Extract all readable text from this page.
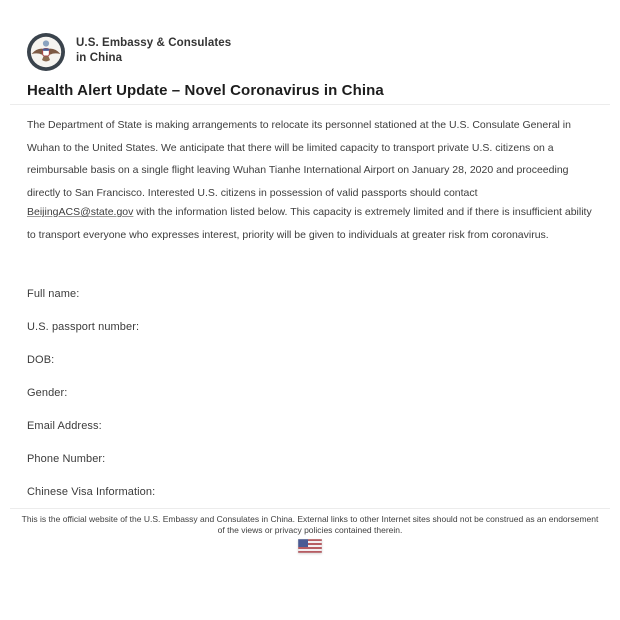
U.S. Embassy & Consulates
in China
Health Alert Update – Novel Coronavirus in China

The Department of State is making arrangements to relocate its personnel stationed at the U.S. Consulate General in Wuhan to the United States. We anticipate that there will be limited capacity to transport private U.S. citizens on a reimbursable basis on a single flight leaving Wuhan Tianhe International Airport on January 28, 2020 and proceeding directly to San Francisco. Interested U.S. citizens in possession of valid passports should contact

BeijingACS@state.gov with the information listed below. This capacity is extremely limited and if there is insufficient ability to transport everyone who expresses interest, priority will be given to individuals at greater risk from coronavirus.

Full name:
U.S. passport number:
DOB:
Gender:
Email Address:
Phone Number:
Chinese Visa Information:

This is the official website of the U.S. Embassy and Consulates in China. External links to other Internet sites should not be construed as an endorsement of the views or privacy policies contained therein.
